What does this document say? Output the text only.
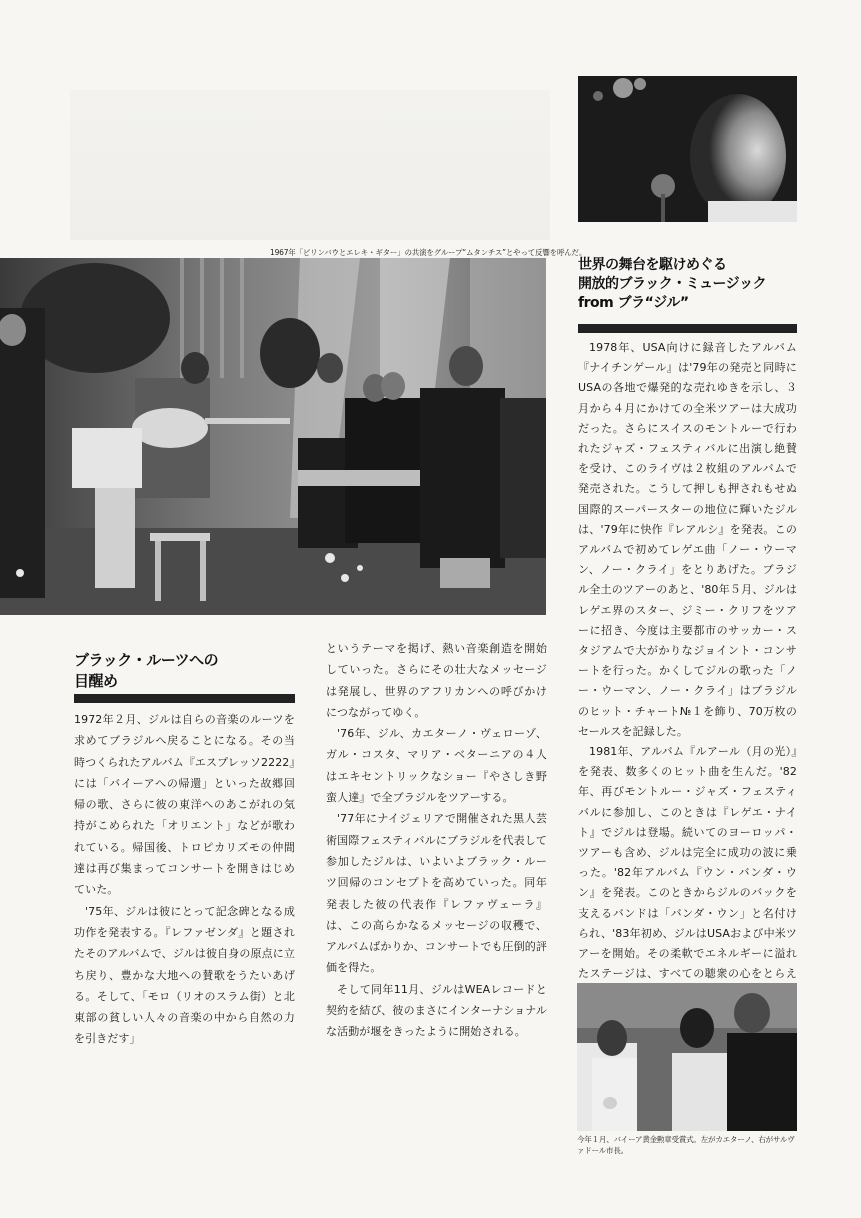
1967年「ビリンバウとエレキ・ギター」の共演をグループ“ムタンチス”とやって反響を呼んだ。
ブラック・ルーツへの
目醒め

1972年２月、ジルは自らの音楽のルーツを求めてブラジルへ戻ることになる。その当時つくられたアルバム『エスプレッソ2222』には「バイーアへの帰還」といった故郷回帰の歌、さらに彼の東洋へのあこがれの気持がこめられた「オリエント」などが歌われている。帰国後、トロピカリズモの仲間達は再び集まってコンサートを開きはじめていた。

'75年、ジルは彼にとって記念碑となる成功作を発表する。『レファゼンダ』と題されたそのアルバムで、ジルは彼自身の原点に立ち戻り、豊かな大地への賛歌をうたいあげる。そして、「モロ（リオのスラム街）と北東部の貧しい人々の音楽の中から自然の力を引きだす」

というテーマを掲げ、熱い音楽創造を開始していった。さらにその壮大なメッセージは発展し、世界のアフリカンへの呼びかけにつながってゆく。

'76年、ジル、カエターノ・ヴェローゾ、ガル・コスタ、マリア・ベターニアの４人はエキセントリックなショー『やさしき野蛮人達』で全ブラジルをツアーする。

'77年にナイジェリアで開催された黒人芸術国際フェスティバルにブラジルを代表して参加したジルは、いよいよブラック・ルーツ回帰のコンセプトを高めていった。同年発表した彼の代表作『レファヴェーラ』は、この高らかなるメッセージの収穫で、アルバムばかりか、コンサートでも圧倒的評価を得た。

そして同年11月、ジルはWEAレコードと契約を結び、彼のまさにインターナショナルな活動が堰をきったように開始される。

世界の舞台を駆けめぐる
開放的ブラック・ミュージック
from ブラ“ジル”

1978年、USA向けに録音したアルバム『ナイチンゲール』は'79年の発売と同時にUSAの各地で爆発的な売れゆきを示し、３月から４月にかけての全米ツアーは大成功だった。さらにスイスのモントルーで行われたジャズ・フェスティバルに出演し絶賛を受け、このライヴは２枚組のアルバムで発売された。こうして押しも押されもせぬ国際的スーパースターの地位に輝いたジルは、'79年に快作『レアルシ』を発表。このアルバムで初めてレゲエ曲「ノー・ウーマン、ノー・クライ」をとりあげた。ブラジル全土のツアーのあと、'80年５月、ジルはレゲエ界のスター、ジミー・クリフをツアーに招き、今度は主要都市のサッカー・スタジアムで大がかりなジョイント・コンサートを行った。かくしてジルの歌った「ノー・ウーマン、ノー・クライ」はブラジルのヒット・チャート№１を飾り、70万枚のセールスを記録した。

1981年、アルバム『ルアール（月の光）』を発表、数多くのヒット曲を生んだ。'82年、再びモントルー・ジャズ・フェスティバルに参加し、このときは『レゲエ・ナイト』でジルは登場。続いてのヨーロッパ・ツアーも含め、ジルは完全に成功の波に乗った。'82年アルバム『ウン・バンダ・ウン』を発表。このときからジルのバックを支えるバンドは「バンダ・ウン」と名付けられ、'83年初め、ジルはUSAおよび中米ツアーを開始。その柔軟でエネルギーに溢れたステージは、すべての聴衆の心をとらえ

今年１月、バイーア黄金勲章受賞式。左がカエターノ、右がサルヴァドール市長。
